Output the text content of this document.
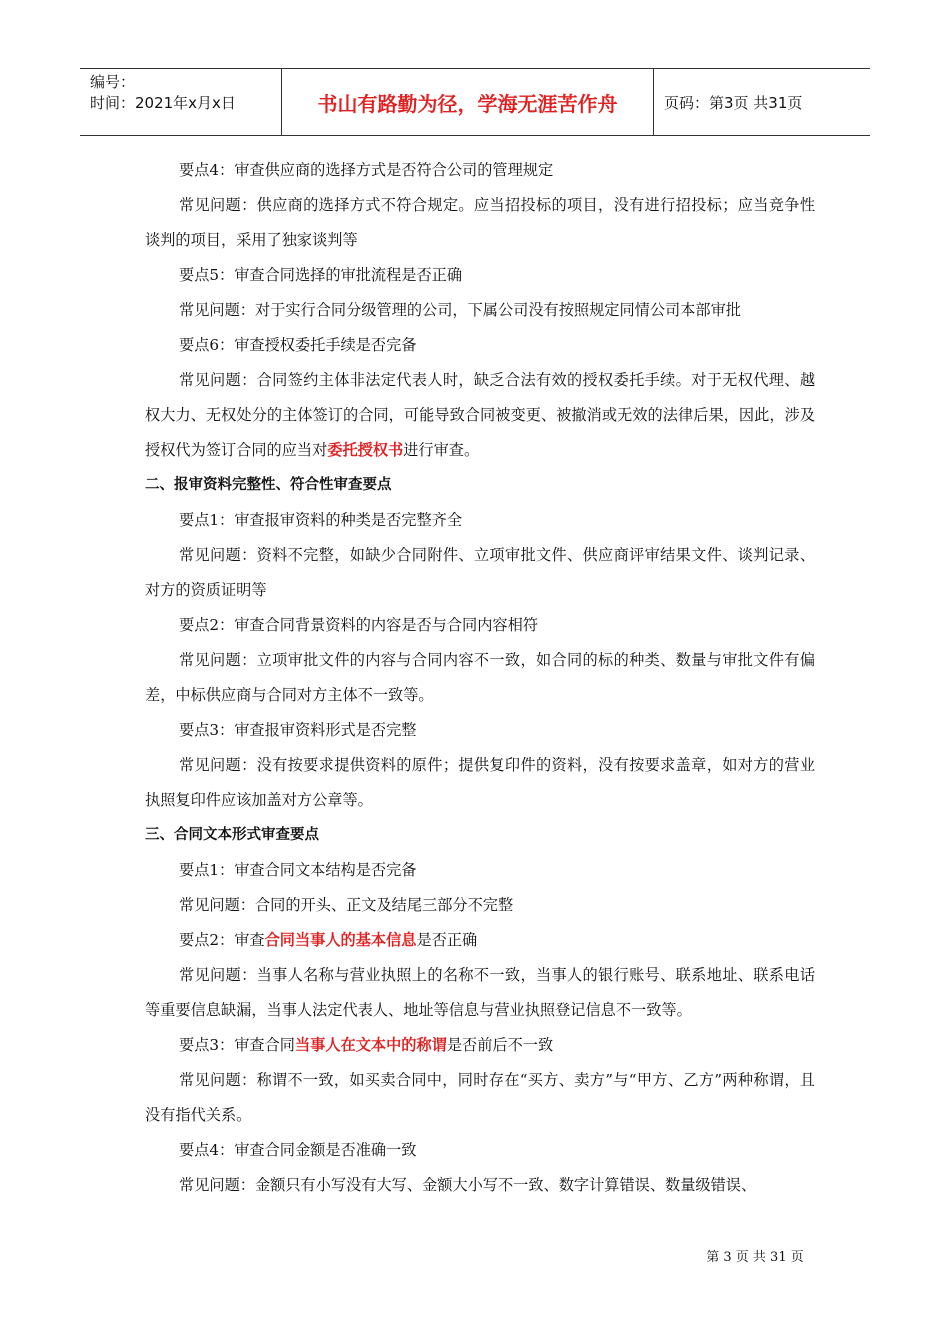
编号：
时间：2021年x月x日	书山有路勤为径，学海无涯苦作舟	页码：第3页 共31页

要点4：审查供应商的选择方式是否符合公司的管理规定

常见问题：供应商的选择方式不符合规定。应当招投标的项目，没有进行招投标；应当竞争性谈判的项目，采用了独家谈判等

要点5：审查合同选择的审批流程是否正确

常见问题：对于实行合同分级管理的公司，下属公司没有按照规定同情公司本部审批

要点6：审查授权委托手续是否完备

常见问题：合同签约主体非法定代表人时，缺乏合法有效的授权委托手续。对于无权代理、越权大力、无权处分的主体签订的合同，可能导致合同被变更、被撤消或无效的法律后果，因此，涉及授权代为签订合同的应当对委托授权书进行审查。

二、报审资料完整性、符合性审查要点

要点1：审查报审资料的种类是否完整齐全

常见问题：资料不完整，如缺少合同附件、立项审批文件、供应商评审结果文件、谈判记录、对方的资质证明等

要点2：审查合同背景资料的内容是否与合同内容相符

常见问题：立项审批文件的内容与合同内容不一致，如合同的标的种类、数量与审批文件有偏差，中标供应商与合同对方主体不一致等。

要点3：审查报审资料形式是否完整

常见问题：没有按要求提供资料的原件；提供复印件的资料，没有按要求盖章，如对方的营业执照复印件应该加盖对方公章等。

三、合同文本形式审查要点

要点1：审查合同文本结构是否完备

常见问题：合同的开头、正文及结尾三部分不完整

要点2：审查合同当事人的基本信息是否正确

常见问题：当事人名称与营业执照上的名称不一致，当事人的银行账号、联系地址、联系电话等重要信息缺漏，当事人法定代表人、地址等信息与营业执照登记信息不一致等。

要点3：审查合同当事人在文本中的称谓是否前后不一致

常见问题：称谓不一致，如买卖合同中，同时存在“买方、卖方”与“甲方、乙方”两种称谓，且没有指代关系。

要点4：审查合同金额是否准确一致

常见问题：金额只有小写没有大写、金额大小写不一致、数字计算错误、数量级错误、

第 3 页 共 31 页
